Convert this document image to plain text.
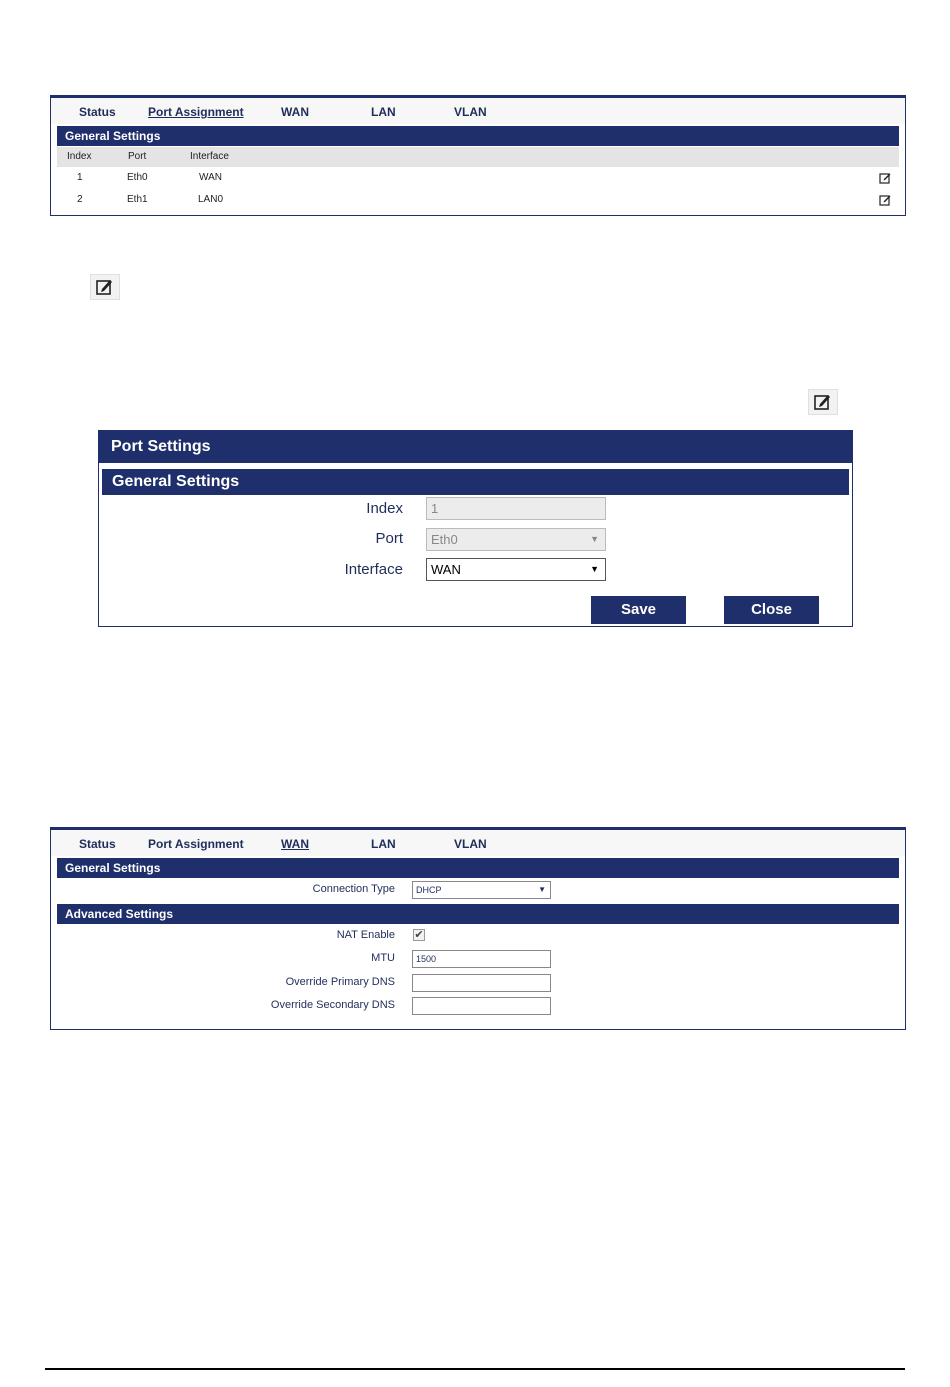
Status	Port Assignment	WAN	LAN	VLAN
General Settings
Index	Port	Interface
1	Eth0	WAN
2	Eth1	LAN0
Port Settings
General Settings
Index	1
Port	Eth0	▼
Interface	WAN	▼
Save	Close
Status	Port Assignment	WAN	LAN	VLAN
General Settings
Connection Type	DHCP	▼
Advanced Settings
NAT Enable ✔
MTU	1500
Override Primary DNS
Override Secondary DNS
